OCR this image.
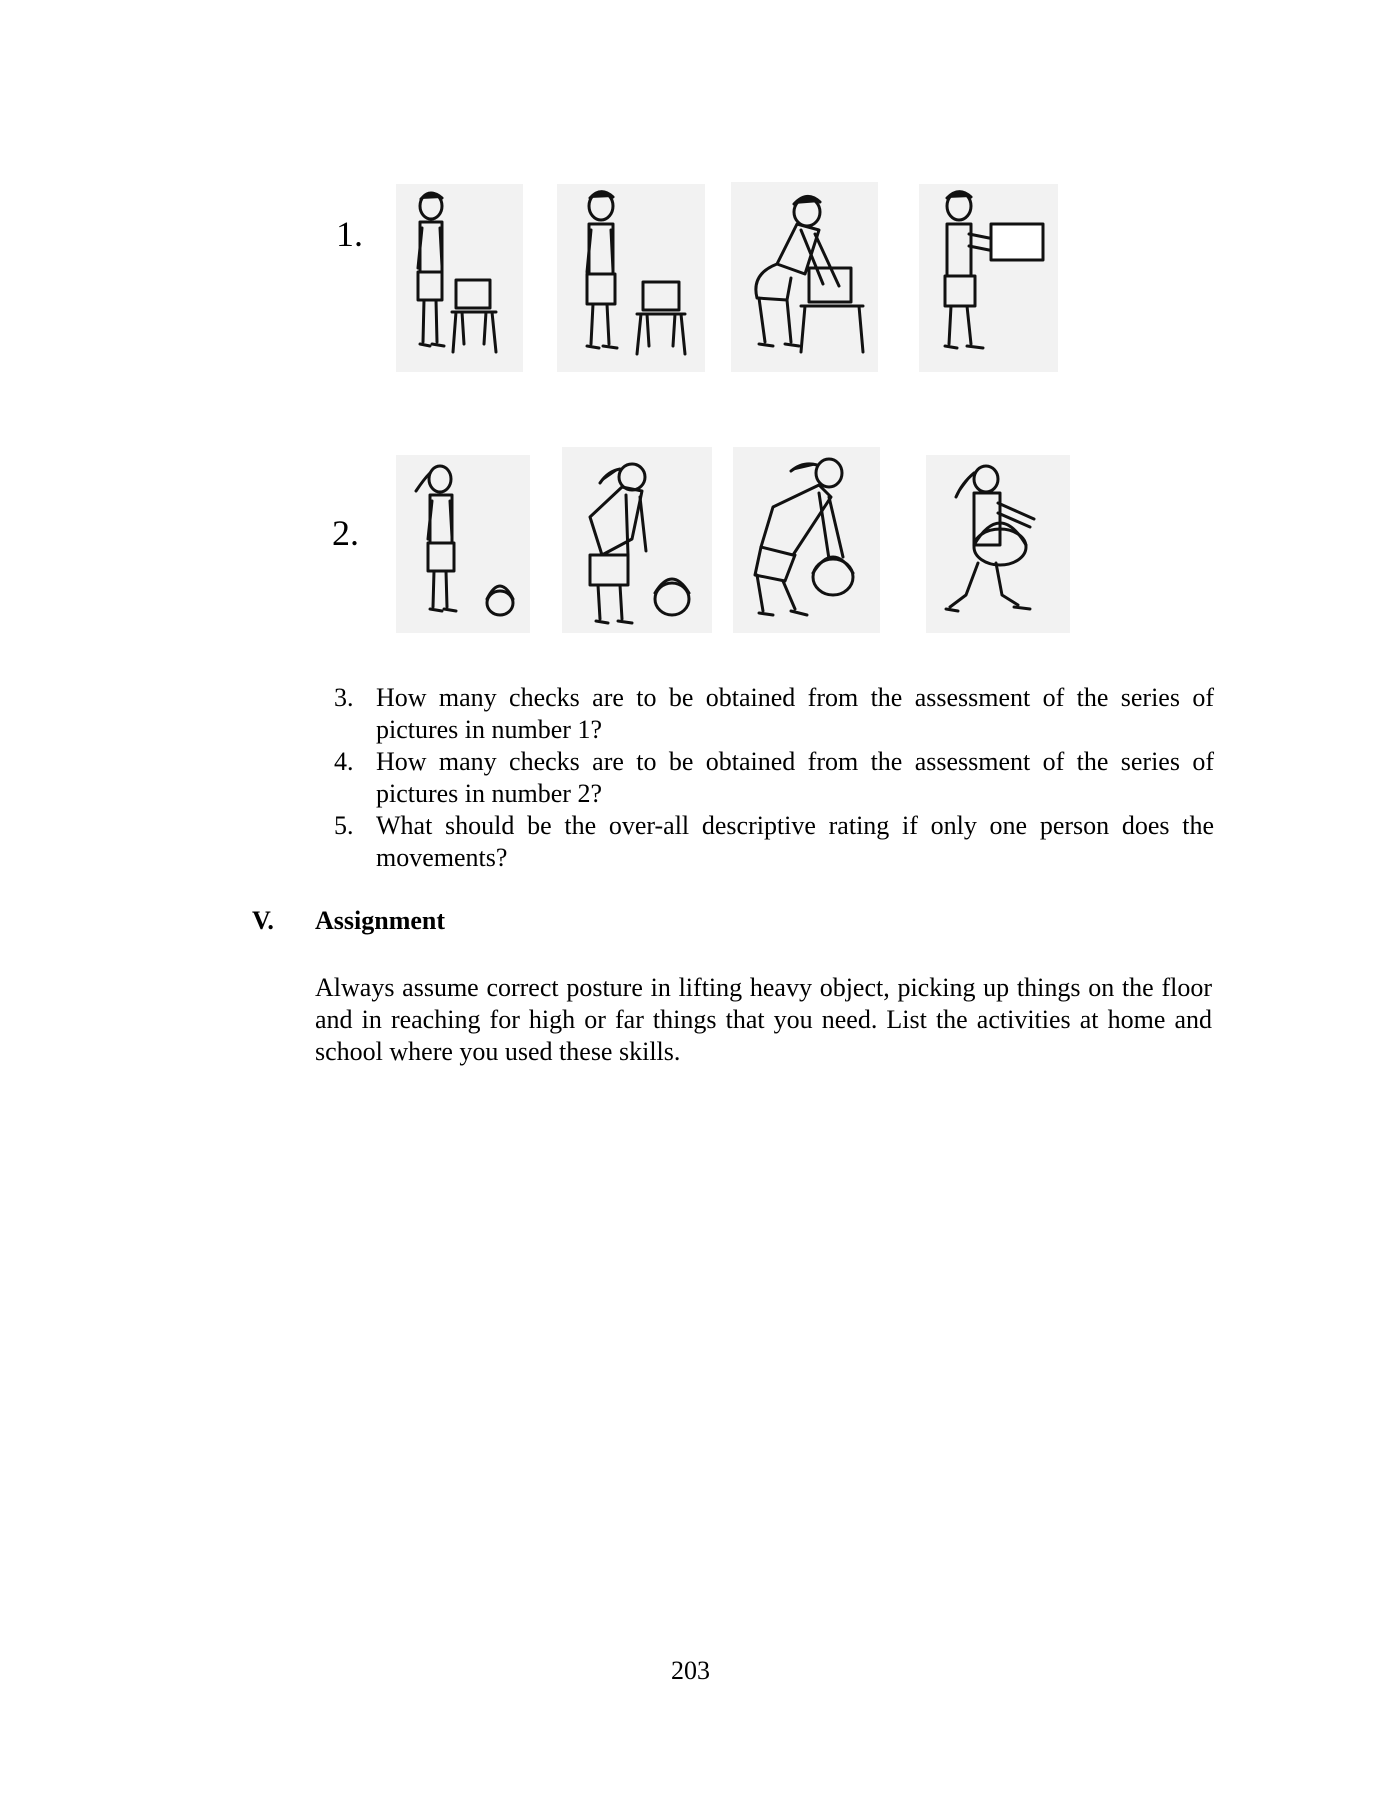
1.
2.
3. How many checks are to be obtained from the assessment of the series of pictures in number 1?
4. How many checks are to be obtained from the assessment of the series of pictures in number 2?
5. What should be the over-all descriptive rating if only one person does the movements?
V. Assignment

Always assume correct posture in lifting heavy object, picking up things on the floor and in reaching for high or far things that you need. List the activities at home and school where you used these skills.

203
